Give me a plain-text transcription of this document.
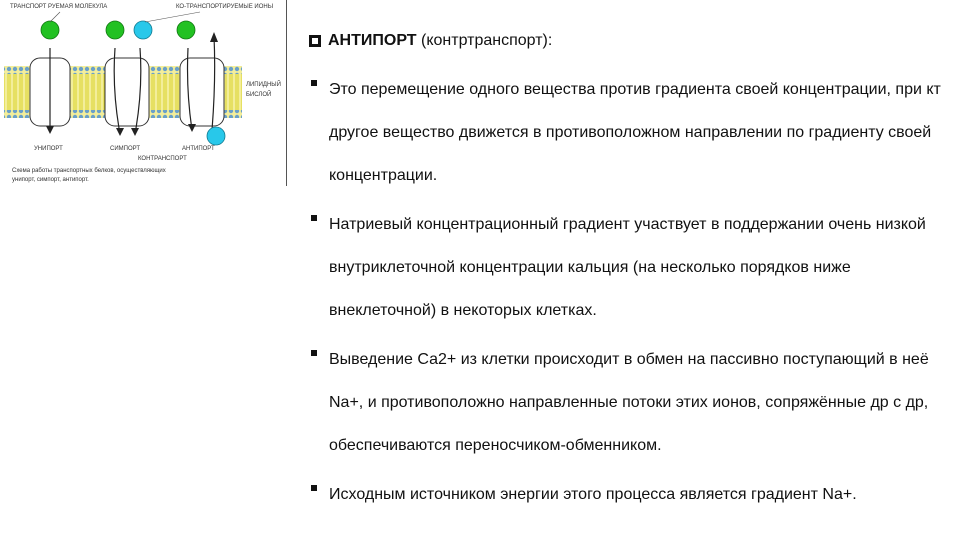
ТРАНСПОРТ РУЕМАЯ МОЛЕКУЛА	КО-ТРАНСПОРТИРУЕМЫЕ ИОНЫ
ЛИПИДНЫЙ
БИСЛОЙ
УНИПОРТ	СИМПОРТ	АНТИПОРТ
КОНТРАНСПОРТ
Схема работы транспортных белков, осуществляющих
унипорт, симпорт, антипорт.
АНТИПОРТ (контртранспорт):
Это перемещение одного вещества против градиента своей концентрации, при кт другое вещество движется в противоположном направлении по градиенту своей концентрации.
Натриевый концентрационный градиент участвует в поддержании очень низкой внутриклеточной концентрации кальция (на несколько порядков ниже внеклеточной) в некоторых клетках.
Выведение Са2+ из клетки происходит в обмен на пассивно поступающий в неё Na+, и противоположно направленные потоки этих ионов, сопряжённые др с др, обеспечиваются переносчиком-обменником.
Исходным источником энергии этого процесса является градиент Na+.
